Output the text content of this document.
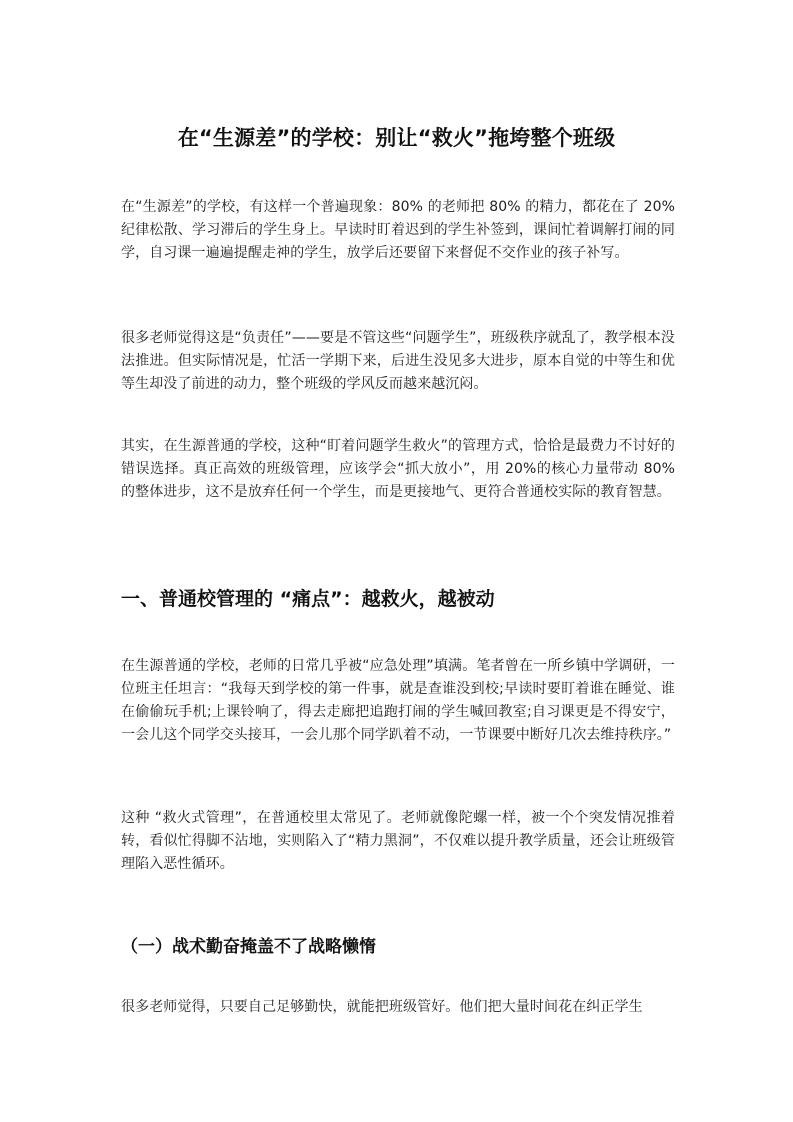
在“生源差”的学校：别让“救火”拖垮整个班级

在“生源差”的学校，有这样一个普遍现象：80% 的老师把 80% 的精力，都花在了 20% 纪律松散、学习滞后的学生身上。早读时盯着迟到的学生补签到，课间忙着调解打闹的同学，自习课一遍遍提醒走神的学生，放学后还要留下来督促不交作业的孩子补写。

很多老师觉得这是“负责任”——要是不管这些“问题学生”，班级秩序就乱了，教学根本没法推进。但实际情况是，忙活一学期下来，后进生没见多大进步，原本自觉的中等生和优等生却没了前进的动力，整个班级的学风反而越来越沉闷。

其实，在生源普通的学校，这种“盯着问题学生救火”的管理方式，恰恰是最费力不讨好的错误选择。真正高效的班级管理，应该学会“抓大放小”，用 20%的核心力量带动 80% 的整体进步，这不是放弃任何一个学生，而是更接地气、更符合普通校实际的教育智慧。

一、普通校管理的 “痛点”：越救火，越被动

在生源普通的学校，老师的日常几乎被“应急处理”填满。笔者曾在一所乡镇中学调研，一位班主任坦言：“我每天到学校的第一件事，就是查谁没到校;早读时要盯着谁在睡觉、谁在偷偷玩手机;上课铃响了，得去走廊把追跑打闹的学生喊回教室;自习课更是不得安宁，一会儿这个同学交头接耳，一会儿那个同学趴着不动，一节课要中断好几次去维持秩序。”

这种 “救火式管理”，在普通校里太常见了。老师就像陀螺一样，被一个个突发情况推着转，看似忙得脚不沾地，实则陷入了“精力黑洞”，不仅难以提升教学质量，还会让班级管理陷入恶性循环。

（一）战术勤奋掩盖不了战略懒惰

很多老师觉得，只要自己足够勤快，就能把班级管好。他们把大量时间花在纠正学生
